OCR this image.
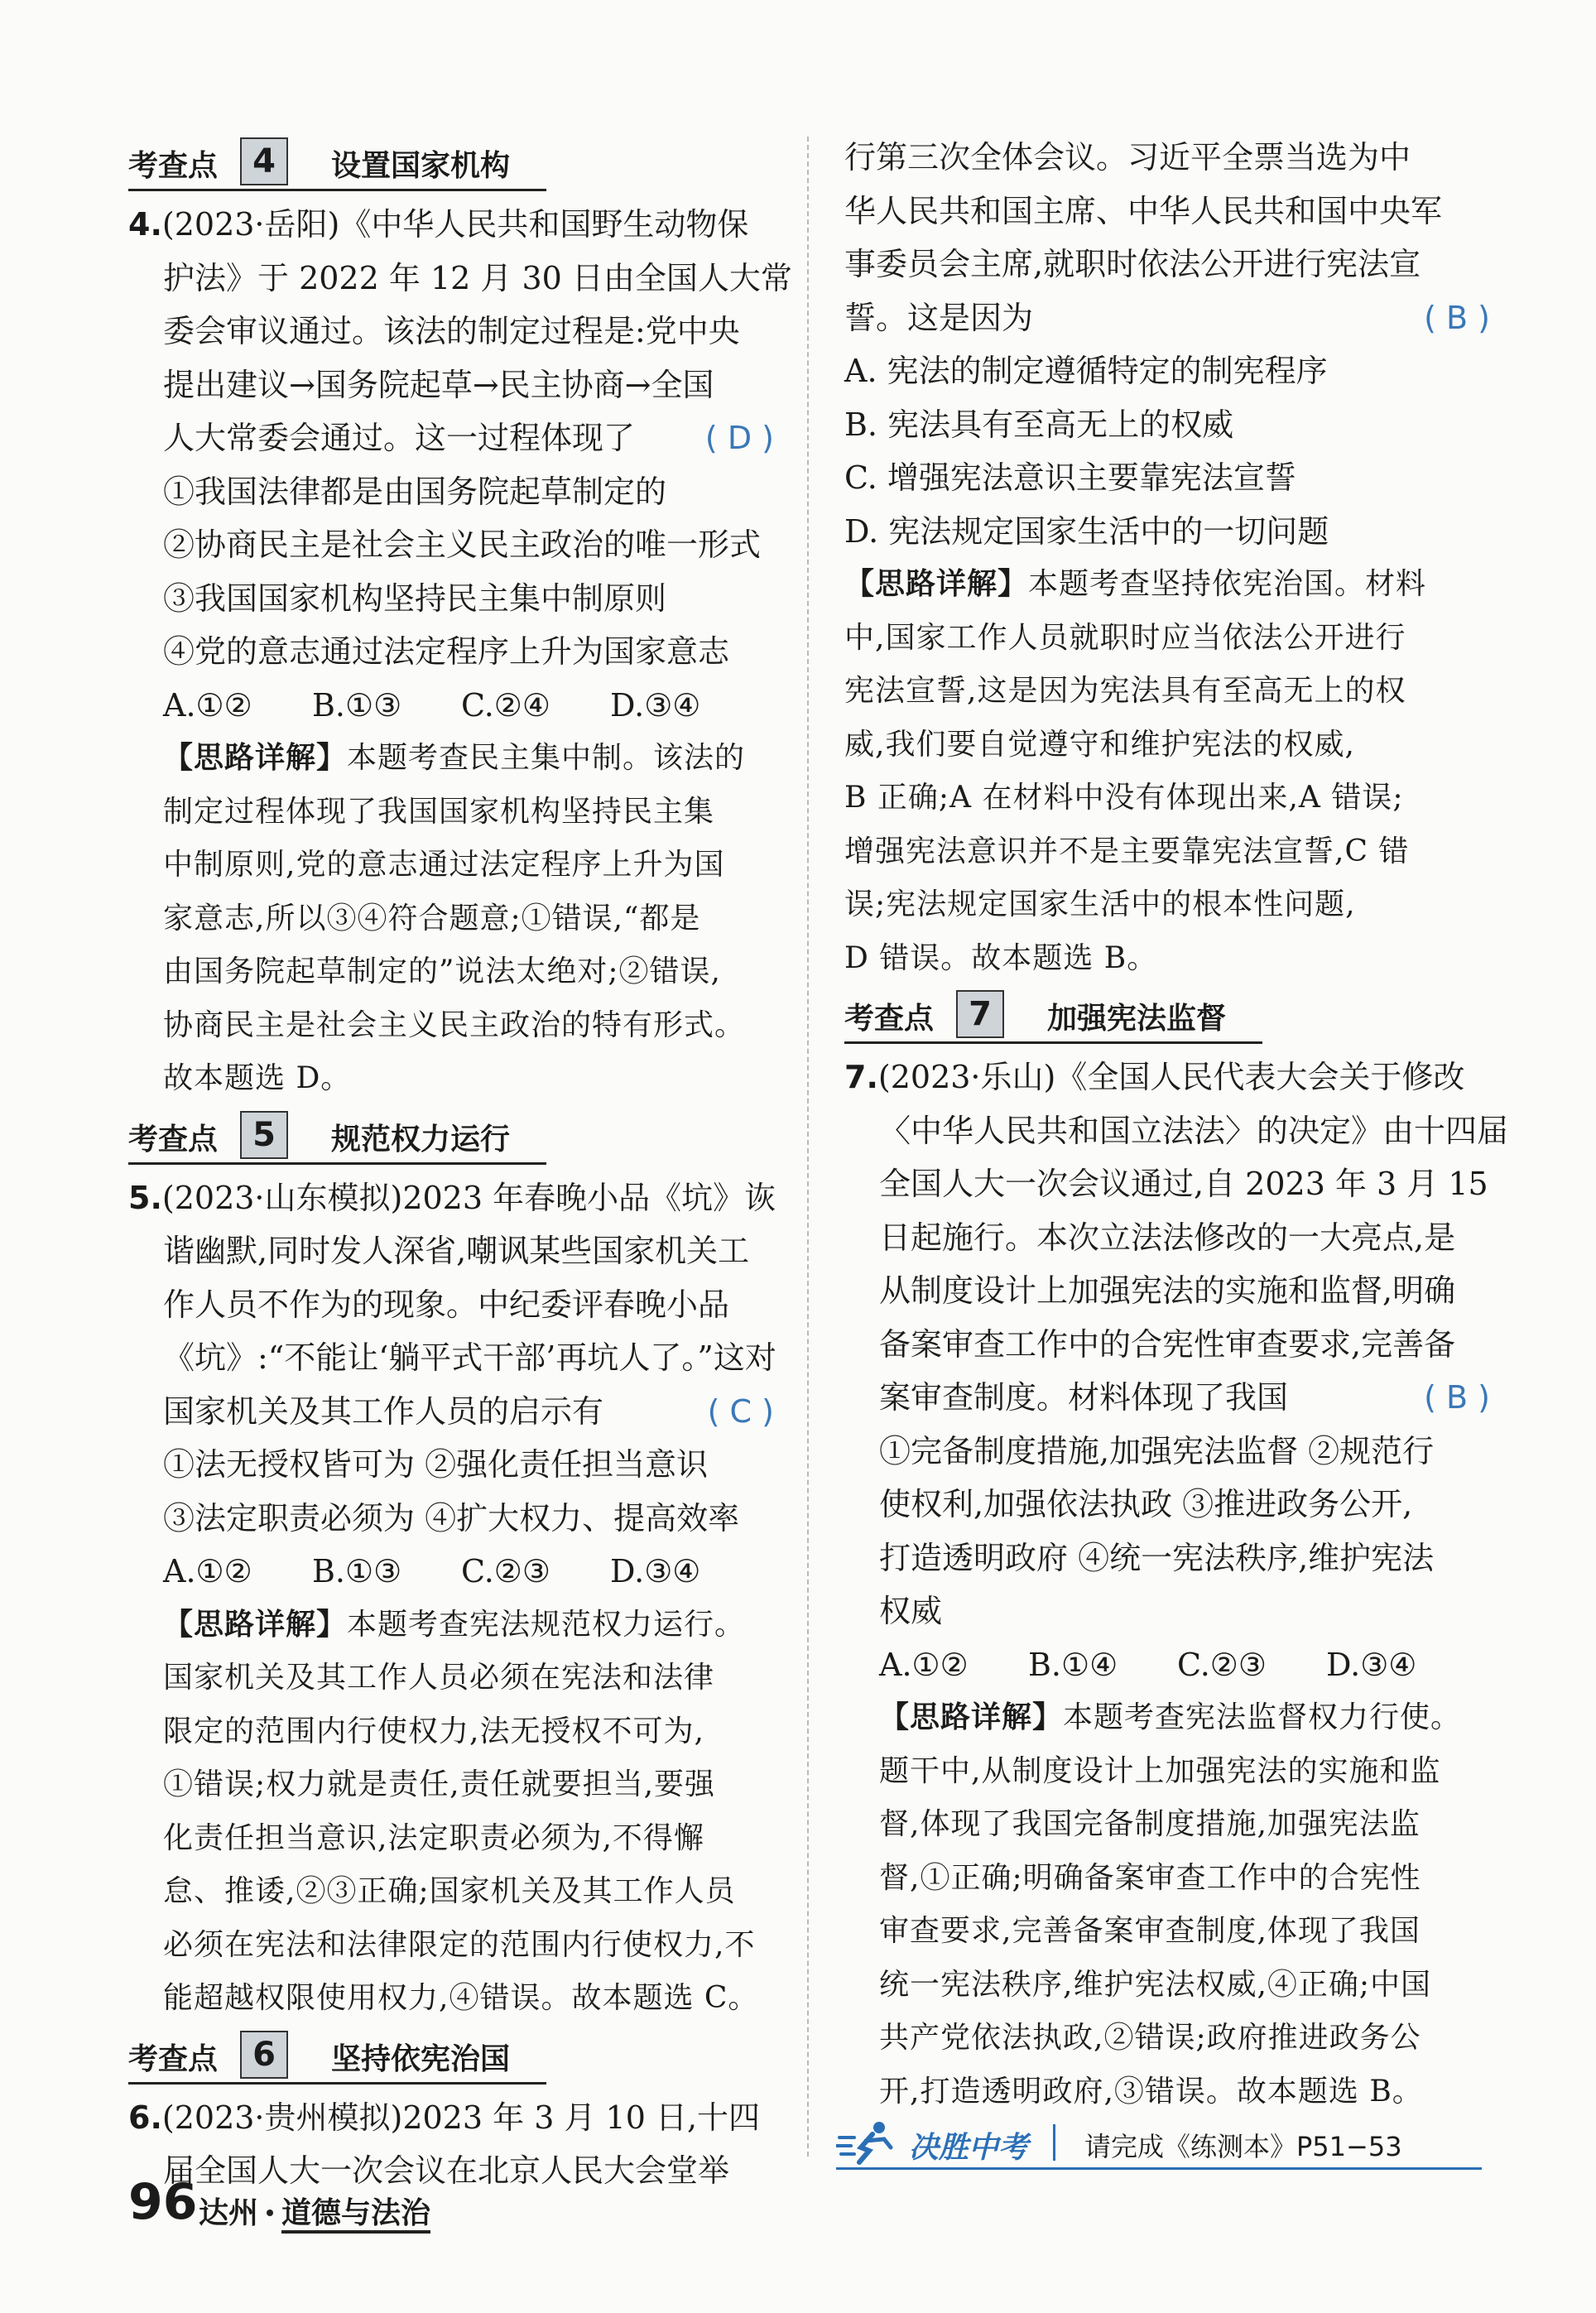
考查点	4	设置国家机构
4.(2023·岳阳)《中华人民共和国野生动物保
护法》于 2022 年 12 月 30 日由全国人大常
委会审议通过。该法的制定过程是:党中央
提出建议→国务院起草→民主协商→全国
人大常委会通过。这一过程体现了 ( D )
①我国法律都是由国务院起草制定的
②协商民主是社会主义民主政治的唯一形式
③我国国家机构坚持民主集中制原则
④党的意志通过法定程序上升为国家意志
A.①② B.①③ C.②④ D.③④
【思路详解】本题考查民主集中制。该法的
制定过程体现了我国国家机构坚持民主集
中制原则,党的意志通过法定程序上升为国
家意志,所以③④符合题意;①错误,“都是
由国务院起草制定的”说法太绝对;②错误,
协商民主是社会主义民主政治的特有形式。
故本题选 D。
考查点	5	规范权力运行
5.(2023·山东模拟)2023 年春晚小品《坑》诙
谐幽默,同时发人深省,嘲讽某些国家机关工
作人员不作为的现象。中纪委评春晚小品
《坑》:“不能让‘躺平式干部’再坑人了。”这对
国家机关及其工作人员的启示有	( C )
①法无授权皆可为 ②强化责任担当意识
③法定职责必须为 ④扩大权力、提高效率
A.①② B.①③ C.②③ D.③④
【思路详解】本题考查宪法规范权力运行。
国家机关及其工作人员必须在宪法和法律
限定的范围内行使权力,法无授权不可为,
①错误;权力就是责任,责任就要担当,要强
化责任担当意识,法定职责必须为,不得懈
怠、推诿,②③正确;国家机关及其工作人员
必须在宪法和法律限定的范围内行使权力,不
能超越权限使用权力,④错误。故本题选 C。
考查点	6	坚持依宪治国
6.(2023·贵州模拟)2023 年 3 月 10 日,十四
届全国人大一次会议在北京人民大会堂举
行第三次全体会议。习近平全票当选为中
华人民共和国主席、中华人民共和国中央军
事委员会主席,就职时依法公开进行宪法宣
誓。这是因为	( B )
A. 宪法的制定遵循特定的制宪程序
B. 宪法具有至高无上的权威
C. 增强宪法意识主要靠宪法宣誓
D. 宪法规定国家生活中的一切问题
【思路详解】本题考查坚持依宪治国。材料
中,国家工作人员就职时应当依法公开进行
宪法宣誓,这是因为宪法具有至高无上的权
威,我们要自觉遵守和维护宪法的权威,
B 正确;A 在材料中没有体现出来,A 错误;
增强宪法意识并不是主要靠宪法宣誓,C 错
误;宪法规定国家生活中的根本性问题,
D 错误。故本题选 B。
考查点	7	加强宪法监督
7.(2023·乐山)《全国人民代表大会关于修改
〈中华人民共和国立法法〉的决定》由十四届
全国人大一次会议通过,自 2023 年 3 月 15
日起施行。本次立法法修改的一大亮点,是
从制度设计上加强宪法的实施和监督,明确
备案审查工作中的合宪性审查要求,完善备
案审查制度。材料体现了我国	( B )
①完备制度措施,加强宪法监督 ②规范行
使权利,加强依法执政 ③推进政务公开,
打造透明政府 ④统一宪法秩序,维护宪法
权威
A.①② B.①④ C.②③ D.③④
【思路详解】本题考查宪法监督权力行使。
题干中,从制度设计上加强宪法的实施和监
督,体现了我国完备制度措施,加强宪法监
督,①正确;明确备案审查工作中的合宪性
审查要求,完善备案审查制度,体现了我国
统一宪法秩序,维护宪法权威,④正确;中国
共产党依法执政,②错误;政府推进政务公
开,打造透明政府,③错误。故本题选 B。
决胜中考 请完成《练测本》P51−53
96 达州 道德与法治
